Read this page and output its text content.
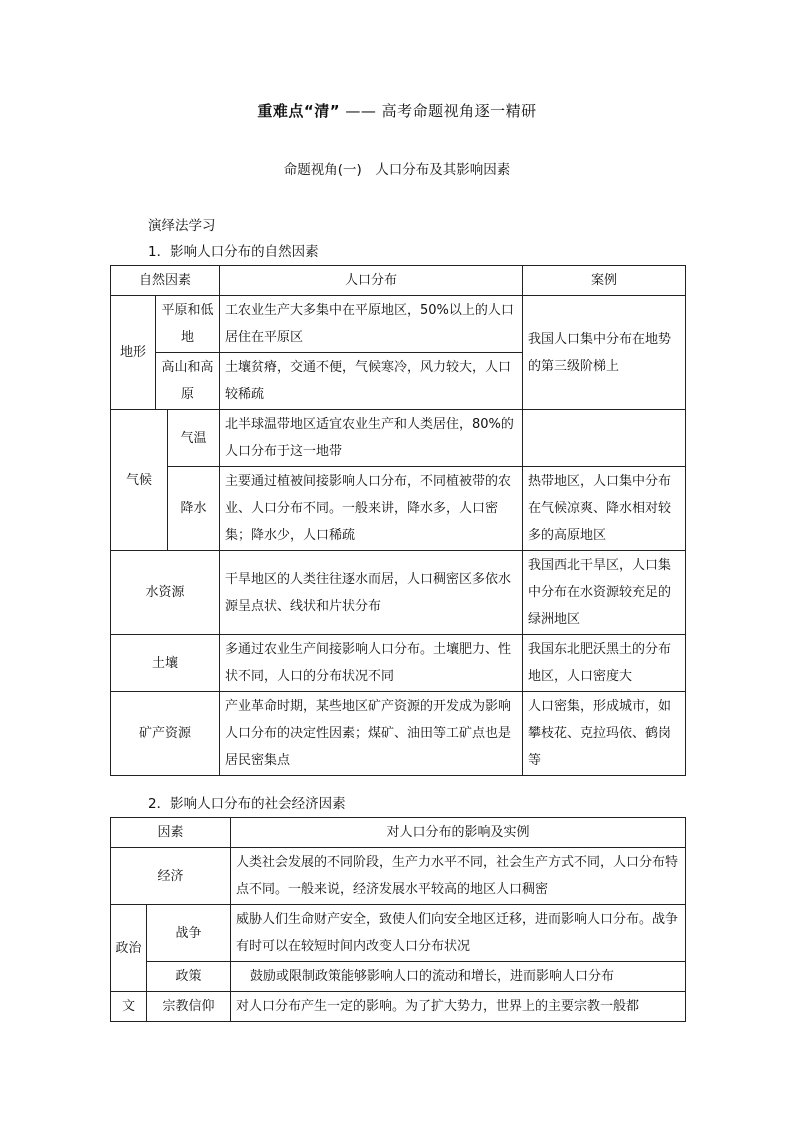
重难点“清” —— 高考命题视角逐一精研
命题视角(一)　人口分布及其影响因素
演绎法学习
1．影响人口分布的自然因素
自然因素			人口分布	案例
地形	平原和低地		工农业生产大多集中在平原地区，50%以上的人口居住在平原区	我国人口集中分布在地势的第三级阶梯上
	高山和高原		土壤贫瘠，交通不便，气候寒冷，风力较大，人口较稀疏	
气候		气温	北半球温带地区适宜农业生产和人类居住，80%的人口分布于这一地带	
		降水	主要通过植被间接影响人口分布，不同植被带的农业、人口分布不同。一般来讲，降水多，人口密集；降水少，人口稀疏	热带地区，人口集中分布在气候凉爽、降水相对较多的高原地区
水资源			干旱地区的人类往往逐水而居，人口稠密区多依水源呈点状、线状和片状分布	我国西北干旱区，人口集中分布在水资源较充足的绿洲地区
土壤			多通过农业生产间接影响人口分布。土壤肥力、性状不同，人口的分布状况不同	我国东北肥沃黑土的分布地区，人口密度大
矿产资源			产业革命时期，某些地区矿产资源的开发成为影响人口分布的决定性因素；煤矿、油田等工矿点也是居民密集点	人口密集，形成城市，如攀枝花、克拉玛依、鹤岗等
2．影响人口分布的社会经济因素
因素		对人口分布的影响及实例
经济		人类社会发展的不同阶段，生产力水平不同，社会生产方式不同，人口分布特点不同。一般来说，经济发展水平较高的地区人口稠密
政治	战争	威胁人们生命财产安全，致使人们向安全地区迁移，进而影响人口分布。战争有时可以在较短时间内改变人口分布状况
	政策	鼓励或限制政策能够影响人口的流动和增长，进而影响人口分布
文	宗教信仰	对人口分布产生一定的影响。为了扩大势力，世界上的主要宗教一般都
